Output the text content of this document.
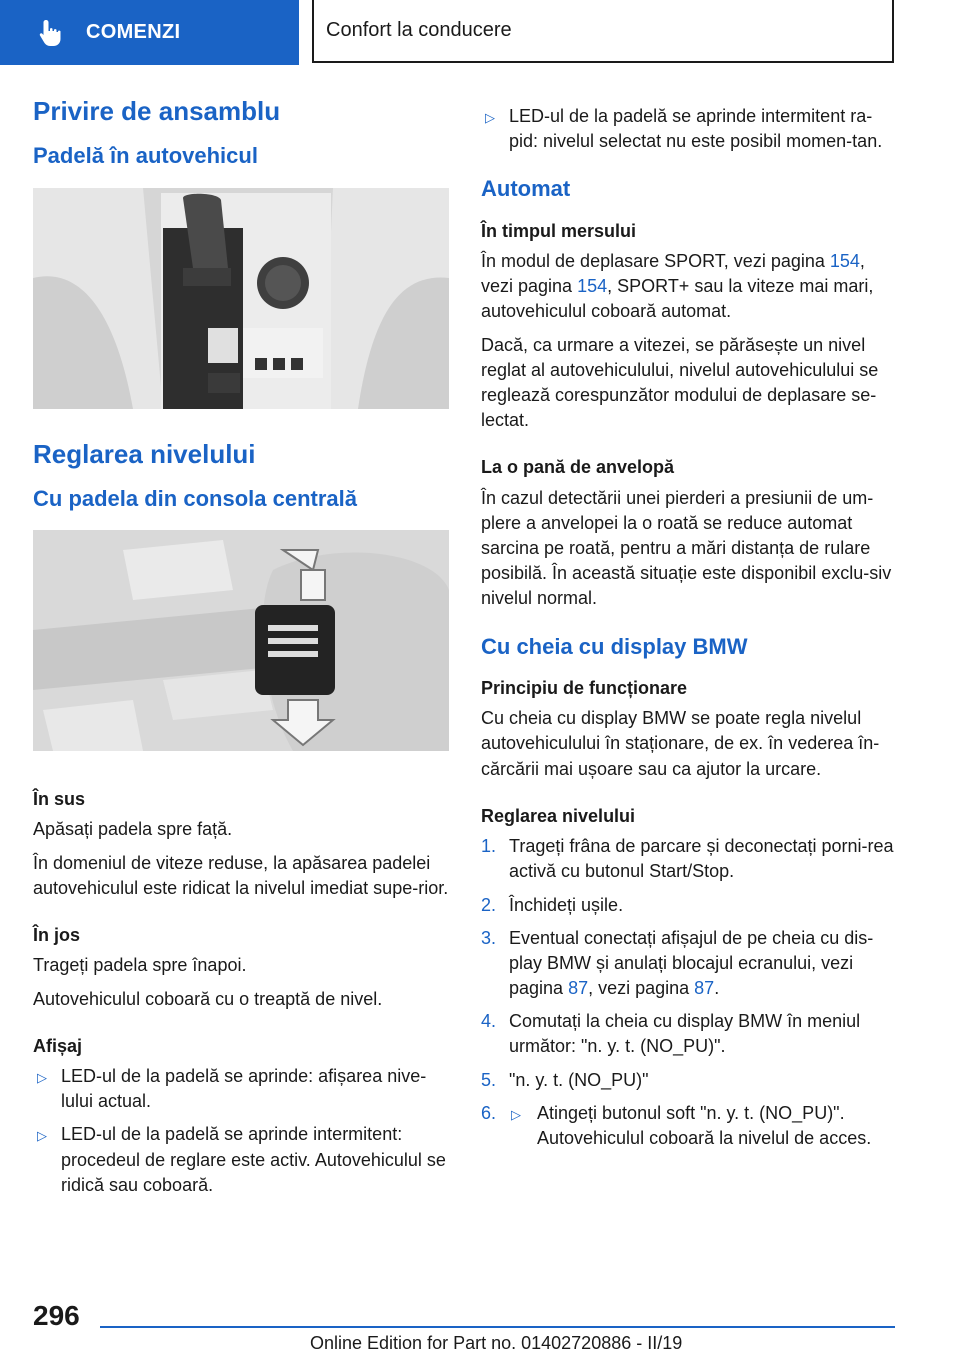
COMENZI	Confort la conducere
Privire de ansamblu
Padelă în autovehicul
Reglarea nivelului
Cu padela din consola centrală
În sus

Apăsați padela spre față.

În domeniul de viteze reduse, la apăsarea padelei autovehiculul este ridicat la nivelul imediat supe-rior.

În jos

Trageți padela spre înapoi.

Autovehiculul coboară cu o treaptă de nivel.

Afișaj
▷ LED-ul de la padelă se aprinde: afișarea nive-lului actual.
▷ LED-ul de la padelă se aprinde intermitent: procedeul de reglare este activ. Autovehiculul se ridică sau coboară.
▷ LED-ul de la padelă se aprinde intermitent ra-pid: nivelul selectat nu este posibil momen-tan.
Automat
În timpul mersului

În modul de deplasare SPORT, vezi pagina 154, vezi pagina 154, SPORT+ sau la viteze mai mari, autovehiculul coboară automat.

Dacă, ca urmare a vitezei, se părăsește un nivel reglat al autovehiculului, nivelul autovehiculului se reglează corespunzător modului de deplasare se-lectat.

La o pană de anvelopă

În cazul detectării unei pierderi a presiunii de um-plere a anvelopei la o roată se reduce automat sarcina pe roată, pentru a mări distanța de rulare posibilă. În această situație este disponibil exclu-siv nivelul normal.

Cu cheia cu display BMW
Principiu de funcționare

Cu cheia cu display BMW se poate regla nivelul autovehiculului în staționare, de ex. în vederea în-cărcării mai ușoare sau ca ajutor la urcare.

Reglarea nivelului
1. Trageți frâna de parcare și deconectați porni-rea activă cu butonul Start/Stop.
2. Închideți ușile.
3. Eventual conectați afișajul de pe cheia cu dis-play BMW și anulați blocajul ecranului, vezi pagina 87, vezi pagina 87.
4. Comutați la cheia cu display BMW în meniul următor: "n. y. t. (NO_PU)".
5. "n. y. t. (NO_PU)"
6. ▷ Atingeți butonul soft "n. y. t. (NO_PU)". Autovehiculul coboară la nivelul de acces.
296
Online Edition for Part no. 01402720886 - II/19
